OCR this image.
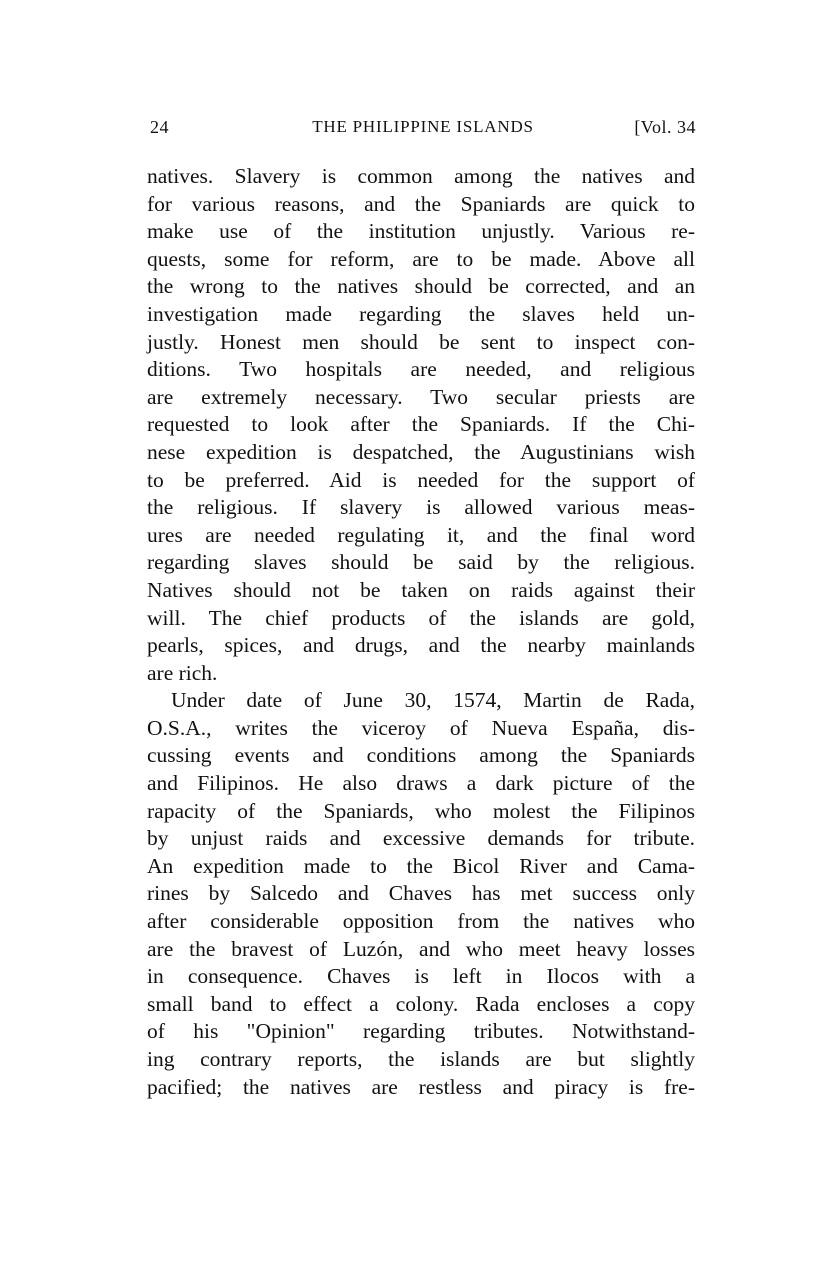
24	THE PHILIPPINE ISLANDS	[Vol. 34
natives. Slavery is common among the natives and
for various reasons, and the Spaniards are quick to
make use of the institution unjustly. Various re-
quests, some for reform, are to be made. Above all
the wrong to the natives should be corrected, and an
investigation made regarding the slaves held un-
justly. Honest men should be sent to inspect con-
ditions. Two hospitals are needed, and religious
are extremely necessary. Two secular priests are
requested to look after the Spaniards. If the Chi-
nese expedition is despatched, the Augustinians wish
to be preferred. Aid is needed for the support of
the religious. If slavery is allowed various meas-
ures are needed regulating it, and the final word
regarding slaves should be said by the religious.
Natives should not be taken on raids against their
will. The chief products of the islands are gold,
pearls, spices, and drugs, and the nearby mainlands
are rich.
Under date of June 30, 1574, Martin de Rada,
O.S.A., writes the viceroy of Nueva España, dis-
cussing events and conditions among the Spaniards
and Filipinos. He also draws a dark picture of the
rapacity of the Spaniards, who molest the Filipinos
by unjust raids and excessive demands for tribute.
An expedition made to the Bicol River and Cama-
rines by Salcedo and Chaves has met success only
after considerable opposition from the natives who
are the bravest of Luzón, and who meet heavy losses
in consequence. Chaves is left in Ilocos with a
small band to effect a colony. Rada encloses a copy
of his "Opinion" regarding tributes. Notwithstand-
ing contrary reports, the islands are but slightly
pacified; the natives are restless and piracy is fre-
